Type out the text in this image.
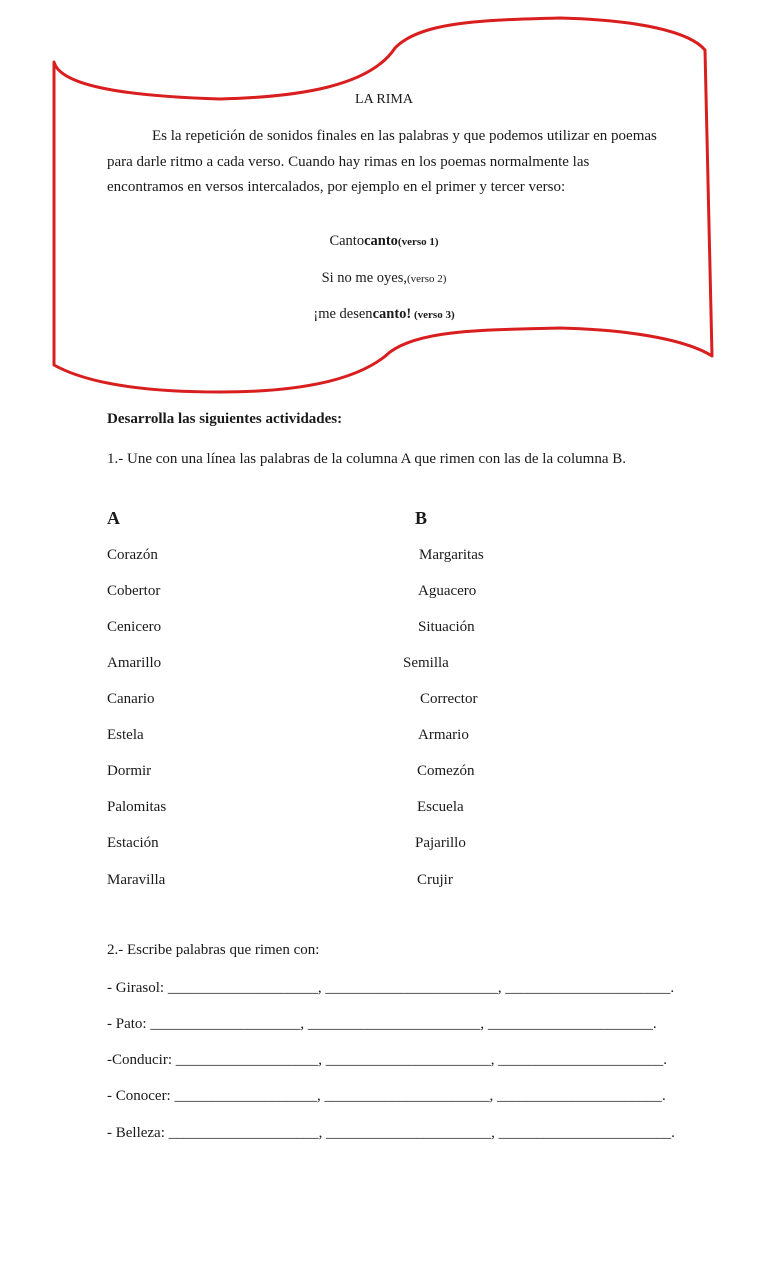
LA RIMA

Es la repetición de sonidos finales en las palabras y que podemos utilizar en poemas para darle ritmo a cada verso. Cuando hay rimas en los poemas normalmente las encontramos en versos intercalados, por ejemplo en el primer y tercer verso:

Cantocanto(verso 1)
Si no me oyes,(verso 2)
¡me desencanto! (verso 3)
Desarrolla las siguientes actividades:

1.- Une con una línea las palabras de la columna A que rimen con las de la columna B.

A	B
Corazón
Cobertor
Cenicero
Amarillo
Canario
Estela
Dormir
Palomitas
Estación
Maravilla
Margaritas
Aguacero
Situación
Semilla
Corrector
Armario
Comezón
Escuela
Pajarillo
Crujir
2.- Escribe palabras que rimen con:
- Girasol: ____________________, _______________________, ______________________.
- Pato: ____________________, _______________________, ______________________.
-Conducir: ___________________, ______________________, ______________________.
- Conocer: ___________________, ______________________, ______________________.
- Belleza: ____________________, ______________________, _______________________.
